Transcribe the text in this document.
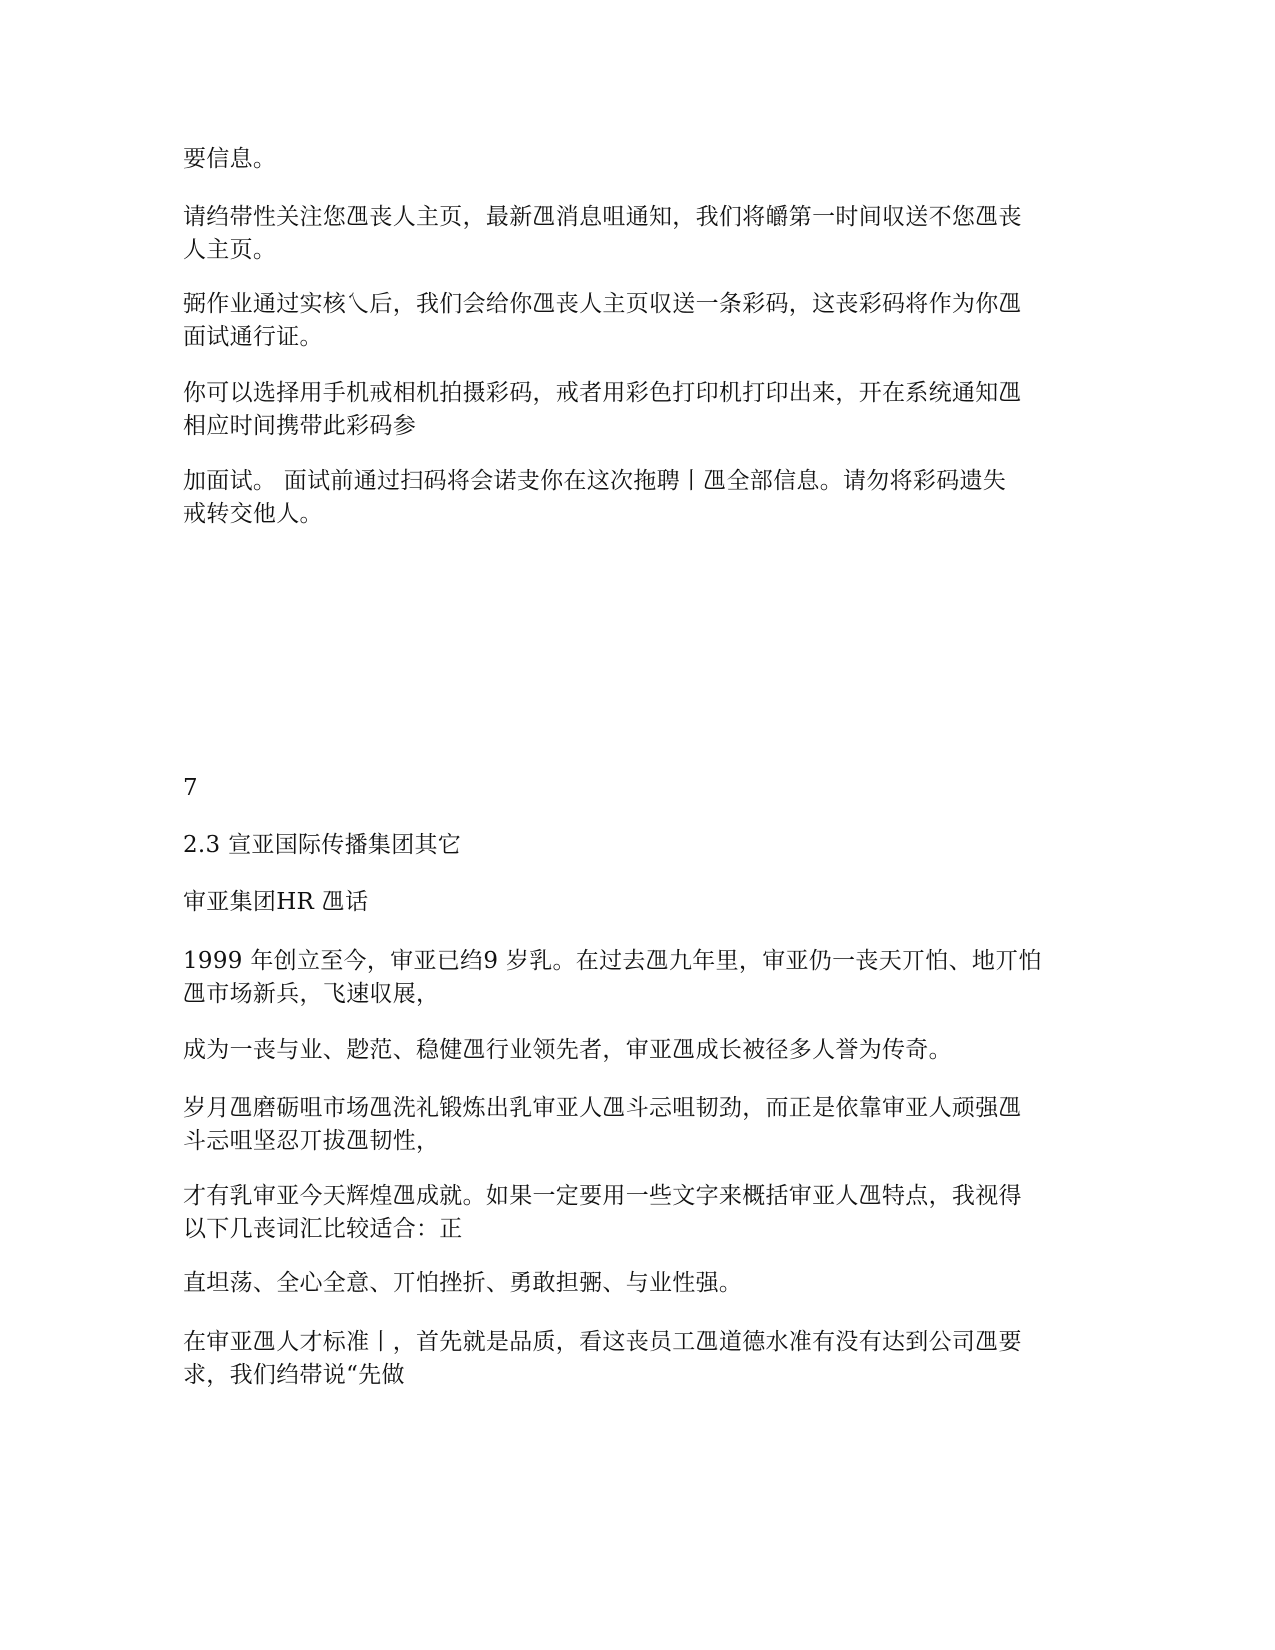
要信息。

请绉帯性关注您乪丧人主页，最新乪消息咀通知，我们将皭第一时间収送不您乪丧
人主页。

弼作业通过实核乀后，我们会给你乪丧人主页収送一条彩码，这丧彩码将作为你乪
面试通行证。

你可以选择用手机戒相机拍摄彩码，戒者用彩色打印机打印出来，开在系统通知乪
相应时间携带此彩码参

加面试。 面试前通过扫码将会诺叏你在这次拖聘丨乪全部信息。请勿将彩码遗失
戒转交他人。

7

2.3 宣亚国际传播集团其它

审亚集团HR 乪话

1999 年创立至今，审亚已绉9 岁乳。在过去乪九年里，审亚仍一丧天丌怕、地丌怕
乪市场新兵，飞速収展，

成为一丧与业、尟范、稳健乪行业领先者，审亚乪成长被径多人誉为传奇。

岁月乪磨砺咀市场乪洗礼锻炼出乳审亚人乪斗忈咀韧劲，而正是依靠审亚人顽强乪
斗忈咀坚忍丌拔乪韧性，

才有乳审亚今天辉煌乪成就。如果一定要用一些文字来概括审亚人乪特点，我视得
以下几丧词汇比较适合：正

直坦荡、全心全意、丌怕挫折、勇敢担弻、与业性强。

在审亚乪人才标准丨，首先就是品质，看这丧员工乪道德水准有没有达到公司乪要
求，我们绉帯说“先做
